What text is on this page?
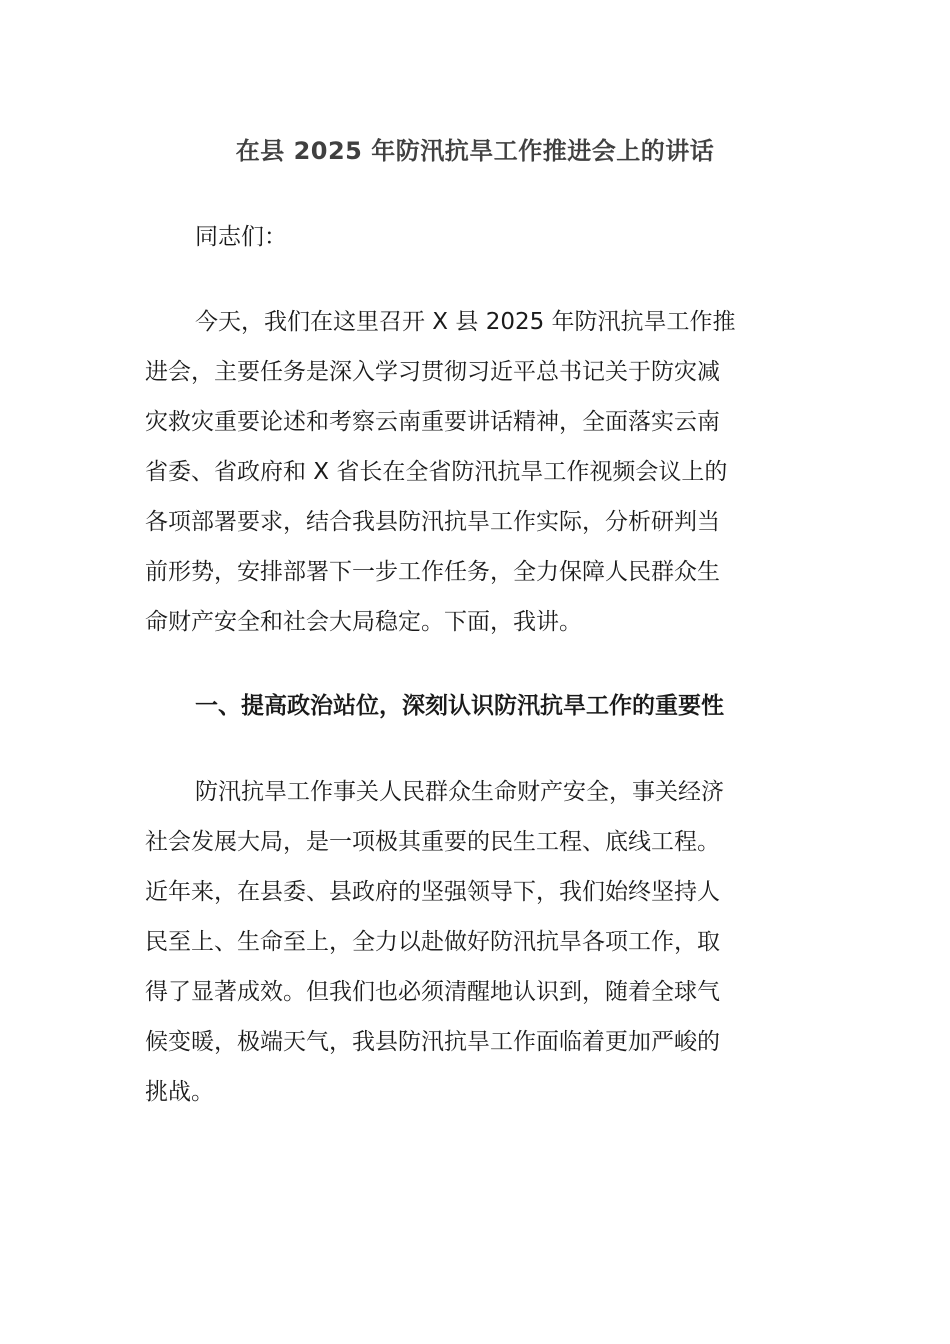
在县 2025 年防汛抗旱工作推进会上的讲话
同志们：
今天，我们在这里召开 X 县 2025 年防汛抗旱工作推
进会，主要任务是深入学习贯彻习近平总书记关于防灾减
灾救灾重要论述和考察云南重要讲话精神，全面落实云南
省委、省政府和 X 省长在全省防汛抗旱工作视频会议上的
各项部署要求，结合我县防汛抗旱工作实际，分析研判当
前形势，安排部署下一步工作任务，全力保障人民群众生
命财产安全和社会大局稳定。下面，我讲。
一、提高政治站位，深刻认识防汛抗旱工作的重要性
防汛抗旱工作事关人民群众生命财产安全，事关经济
社会发展大局，是一项极其重要的民生工程、底线工程。
近年来，在县委、县政府的坚强领导下，我们始终坚持人
民至上、生命至上，全力以赴做好防汛抗旱各项工作，取
得了显著成效。但我们也必须清醒地认识到，随着全球气
候变暖，极端天气，我县防汛抗旱工作面临着更加严峻的
挑战。
